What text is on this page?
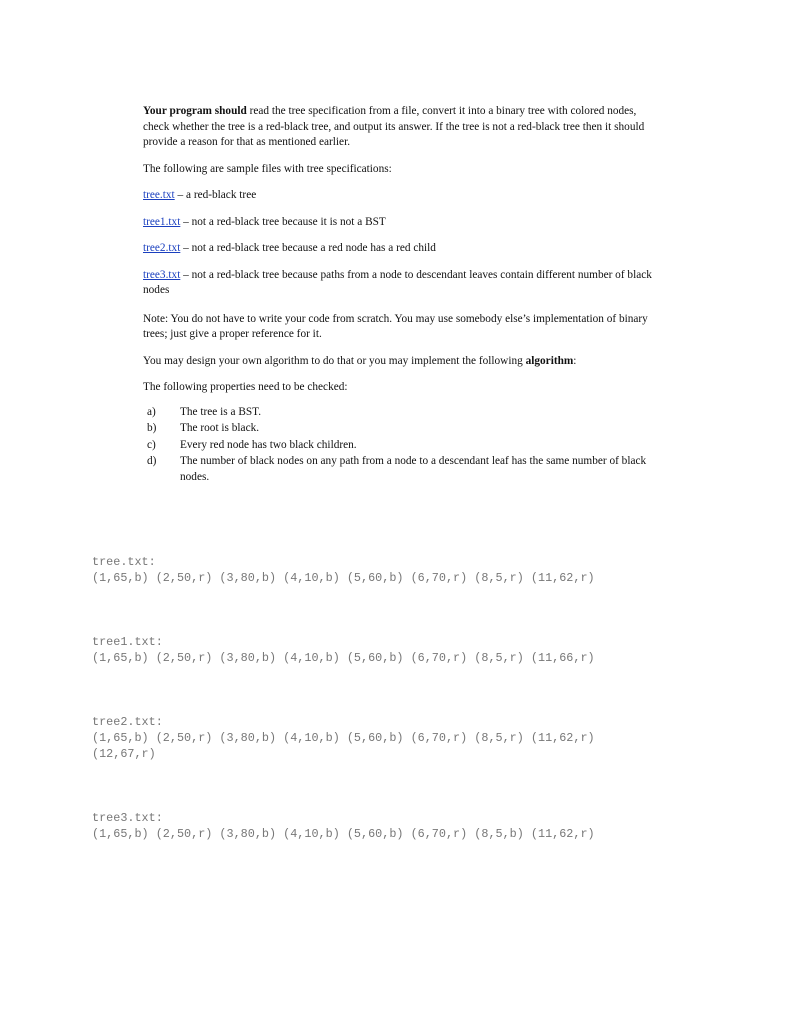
Your program should read the tree specification from a file, convert it into a binary tree with colored nodes, check whether the tree is a red-black tree, and output its answer. If the tree is not a red-black tree then it should provide a reason for that as mentioned earlier.

The following are sample files with tree specifications:

tree.txt – a red-black tree

tree1.txt – not a red-black tree because it is not a BST

tree2.txt – not a red-black tree because a red node has a red child

tree3.txt – not a red-black tree because paths from a node to descendant leaves contain different number of black nodes

Note: You do not have to write your code from scratch. You may use somebody else’s implementation of binary trees; just give a proper reference for it.

You may design your own algorithm to do that or you may implement the following algorithm:

The following properties need to be checked:

a) The tree is a BST.
b) The root is black.
c) Every red node has two black children.
d) The number of black nodes on any path from a node to a descendant leaf has the same number of black nodes.

tree.txt:
(1,65,b) (2,50,r) (3,80,b) (4,10,b) (5,60,b) (6,70,r) (8,5,r) (11,62,r)

tree1.txt:
(1,65,b) (2,50,r) (3,80,b) (4,10,b) (5,60,b) (6,70,r) (8,5,r) (11,66,r)

tree2.txt:
(1,65,b) (2,50,r) (3,80,b) (4,10,b) (5,60,b) (6,70,r) (8,5,r) (11,62,r)
(12,67,r)

tree3.txt:
(1,65,b) (2,50,r) (3,80,b) (4,10,b) (5,60,b) (6,70,r) (8,5,b) (11,62,r)
